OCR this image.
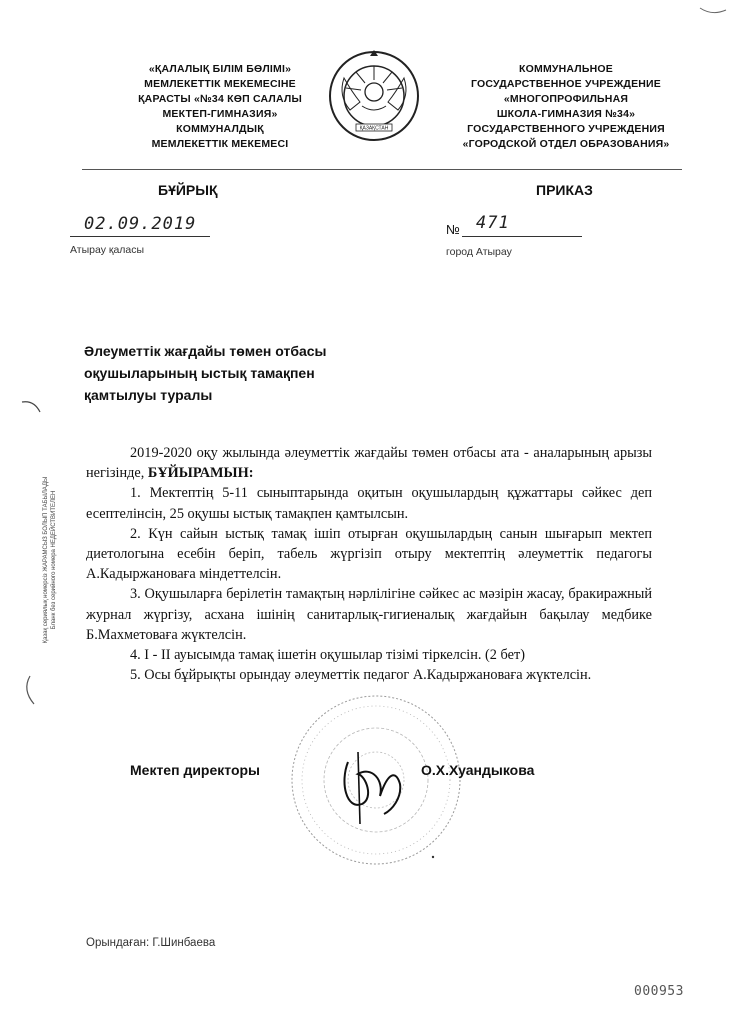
«ҚАЛАЛЫҚ БІЛІМ БӨЛІМІ»
МЕМЛЕКЕТТІК МЕКЕМЕСІНЕ
ҚАРАСТЫ «№34 КӨП САЛАЛЫ
МЕКТЕП-ГИМНАЗИЯ»
КОММУНАЛДЫҚ
МЕМЛЕКЕТТІК МЕКЕМЕСІ
ҚАЗАҚСТАН
КОММУНАЛЬНОЕ
ГОСУДАРСТВЕННОЕ УЧРЕЖДЕНИЕ
«МНОГОПРОФИЛЬНАЯ
ШКОЛА-ГИМНАЗИЯ №34»
ГОСУДАРСТВЕННОГО УЧРЕЖДЕНИЯ
«ГОРОДСКОЙ ОТДЕЛ ОБРАЗОВАНИЯ»
БҰЙРЫҚ	ПРИКАЗ
02.09.2019	№ 471
Атырау қаласы	город Атырау
Әлеуметтік жағдайы төмен отбасы
оқушыларының ыстық тамақпен
қамтылуы туралы

2019-2020 оқу жылында әлеуметтік жағдайы төмен отбасы ата - аналарының арызы негізінде, БҰЙЫРАМЫН:

1. Мектептің 5-11 сыныптарында оқитын оқушылардың құжаттары сәйкес деп есептелінсін, 25 оқушы ыстық тамақпен қамтылсын.

2. Күн сайын ыстық тамақ ішіп отырған оқушылардың санын шығарып мектеп диетологына есебін беріп, табель жүргізіп отыру мектептің әлеуметтік педагогы А.Кадыржановаға міндеттелсін.

3. Оқушыларға берілетін тамақтың нәрлілігіне сәйкес ас мәзірін жасау, бракиражный журнал жүргізу, асхана ішінің санитарлық-гигиеналық жағдайын бақылау медбике Б.Махметоваға жүктелсін.

4. I - II ауысымда тамақ ішетін оқушылар тізімі тіркелсін. (2 бет)

5. Осы бұйрықты орындау әлеуметтік педагог А.Кадыржановаға жүктелсін.

Мектеп директоры	О.Х.Хуандыкова
Орындаған: Г.Шинбаева
000953
Қазақ сериялық номерсіз ЖАРАМСЫЗ БОЛЫП ТАБЫЛАДЫ Бланк без серийного номера НЕДЕЙСТВИТЕЛЕН
